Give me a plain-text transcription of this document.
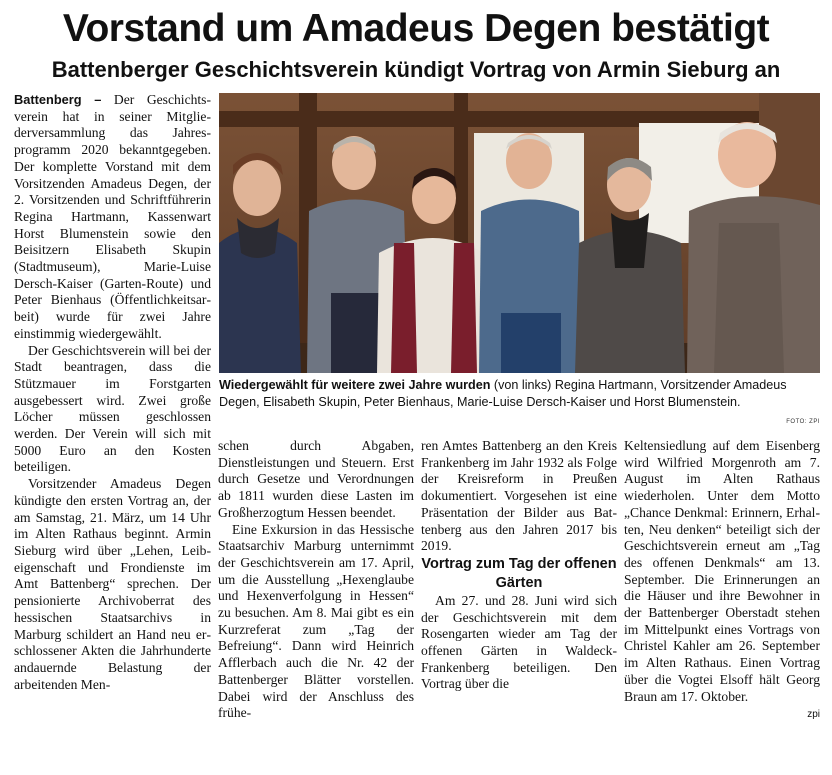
Vorstand um Amadeus Degen bestätigt
Battenberger Geschichtsverein kündigt Vortrag von Armin Sieburg an

Battenberg – Der Geschichtsverein hat in seiner Mitgliederversammlung das Jahresprogramm 2020 bekanntgegeben. Der komplette Vorstand mit dem Vorsitzenden Amadeus Degen, der 2. Vorsitzenden und Schriftführerin Regina Hartmann, Kassenwart Horst Blumenstein sowie den Beisitzern Elisabeth Skupin (Stadtmuseum), Marie-Luise Dersch-Kaiser (Garten-Route) und Peter Bienhaus (Öffentlichkeitsarbeit) wurde für zwei Jahre einstimmig wiedergewählt.

Der Geschichtsverein will bei der Stadt beantragen, dass die Stützmauer im Forstgarten ausgebessert wird. Zwei große Löcher müssen geschlossen werden. Der Verein will sich mit 5000 Euro an den Kosten beteiligen.

Vorsitzender Amadeus Degen kündigte den ersten Vortrag an, der am Samstag, 21. März, um 14 Uhr im Alten Rathaus beginnt. Armin Sieburg wird über „Lehen, Leibeigenschaft und Frondienste im Amt Battenberg“ sprechen. Der pensionierte Archivoberrat des hessischen Staatsarchivs in Marburg schildert an Hand neu erschlossener Akten die Jahrhunderte andauernde Belastung der arbeitenden Men-

Wiedergewählt für weitere zwei Jahre wurden (von links) Regina Hartmann, Vorsitzender Amadeus Degen, Elisabeth Skupin, Peter Bienhaus, Marie-Luise Dersch-Kaiser und Horst Blumenstein.

FOTO: ZPI

schen durch Abgaben, Dienstleistungen und Steuern. Erst durch Gesetze und Verordnungen ab 1811 wurden diese Lasten im Großherzogtum Hessen beendet.

Eine Exkursion in das Hessische Staatsarchiv Marburg unternimmt der Geschichtsverein am 17. April, um die Ausstellung „Hexenglaube und Hexenverfolgung in Hessen“ zu besuchen. Am 8. Mai gibt es ein Kurzreferat zum „Tag der Befreiung“. Dann wird Heinrich Afflerbach auch die Nr. 42 der Battenberger Blätter vorstellen. Dabei wird der Anschluss des frühe-

ren Amtes Battenberg an den Kreis Frankenberg im Jahr 1932 als Folge der Kreisreform in Preußen dokumentiert. Vorgesehen ist eine Präsentation der Bilder aus Battenberg aus den Jahren 2017 bis 2019.

Vortrag zum Tag der offenen Gärten

Am 27. und 28. Juni wird sich der Geschichtsverein mit dem Rosengarten wieder am Tag der offenen Gärten in Waldeck-Frankenberg beteiligen. Den Vortrag über die

Keltensiedlung auf dem Eisenberg wird Wilfried Morgenroth am 7. August im Alten Rathaus wiederholen. Unter dem Motto „Chance Denkmal: Erinnern, Erhalten, Neu denken“ beteiligt sich der Geschichtsverein erneut am „Tag des offenen Denkmals“ am 13. September. Die Erinnerungen an die Häuser und ihre Bewohner in der Battenberger Oberstadt stehen im Mittelpunkt eines Vortrags von Christel Kahler am 26. September im Alten Rathaus. Einen Vortrag über die Vogtei Elsoff hält Georg Braun am 17. Oktober.

zpi
